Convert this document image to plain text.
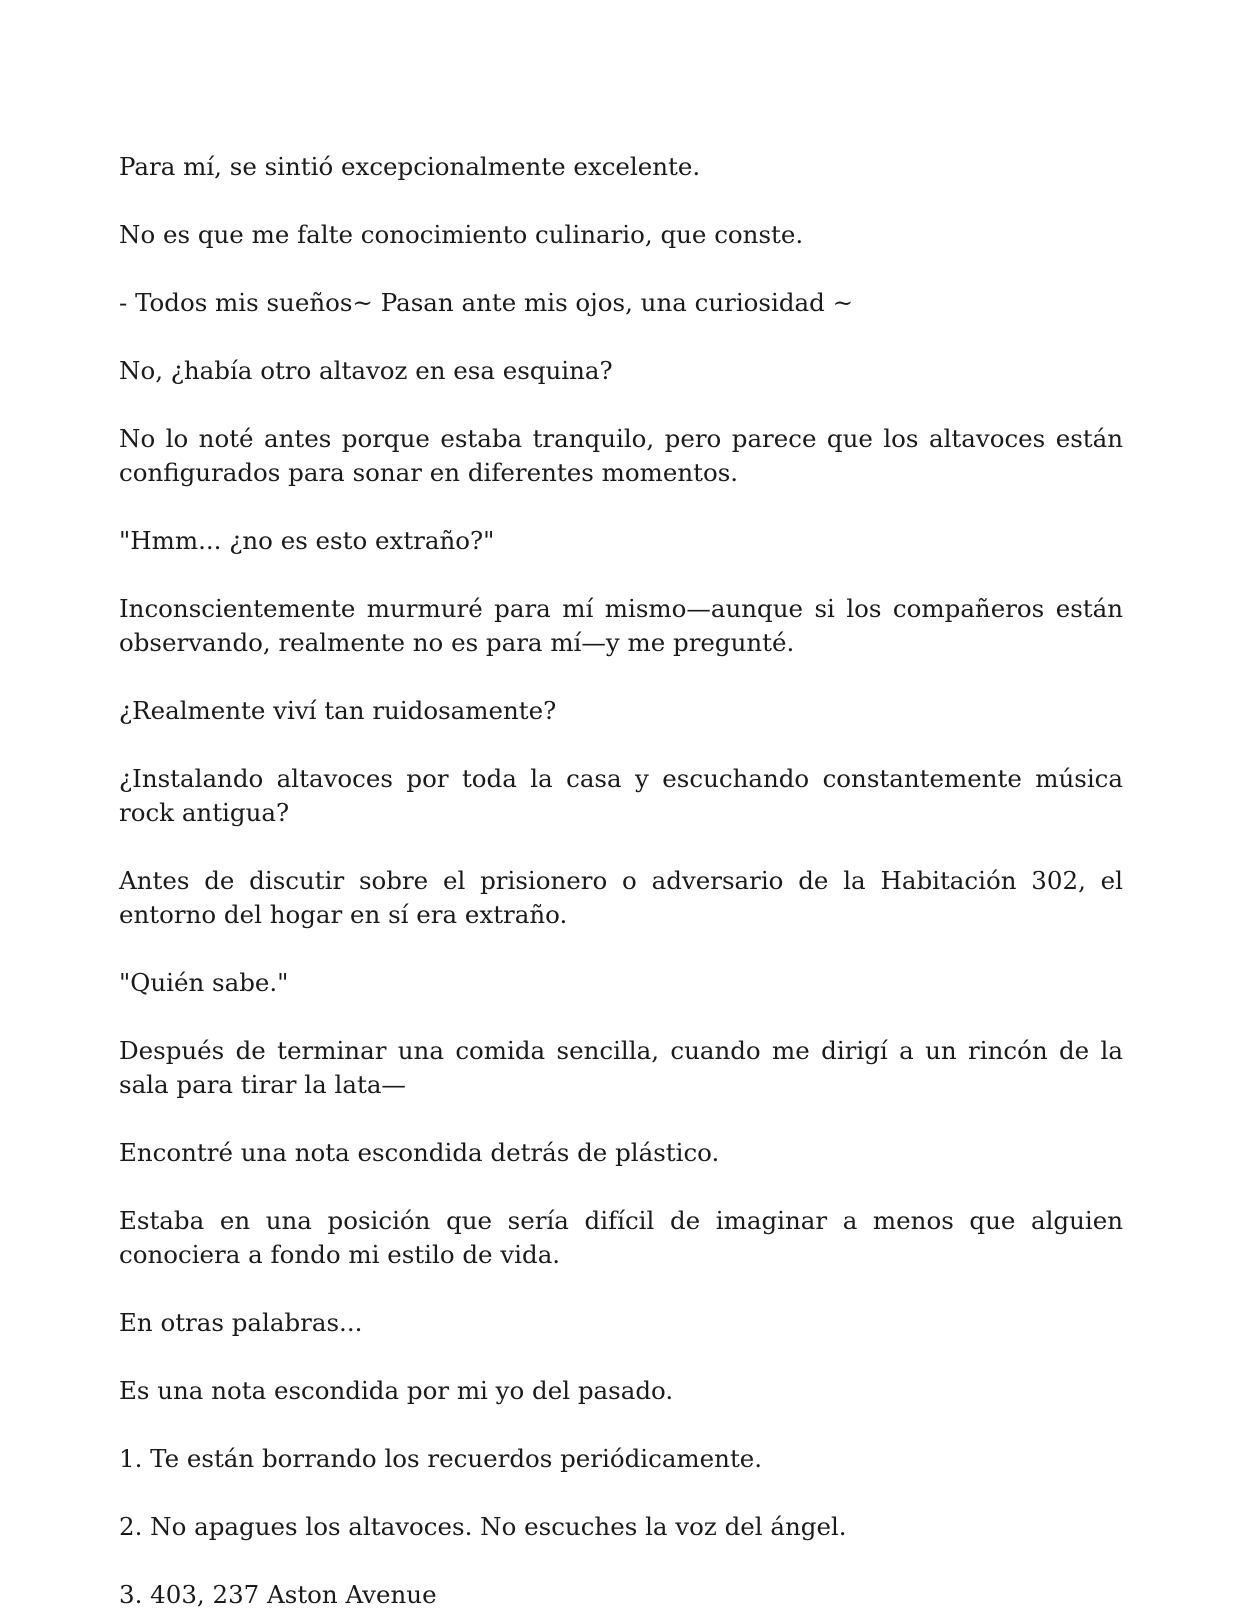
Para mí, se sintió excepcionalmente excelente.

No es que me falte conocimiento culinario, que conste.

- Todos mis sueños~ Pasan ante mis ojos, una curiosidad ~

No, ¿había otro altavoz en esa esquina?

No lo noté antes porque estaba tranquilo, pero parece que los altavoces están configurados para sonar en diferentes momentos.

"Hmm... ¿no es esto extraño?"

Inconscientemente murmuré para mí mismo—aunque si los compañeros están observando, realmente no es para mí—y me pregunté.

¿Realmente viví tan ruidosamente?

¿Instalando altavoces por toda la casa y escuchando constantemente música rock antigua?

Antes de discutir sobre el prisionero o adversario de la Habitación 302, el entorno del hogar en sí era extraño.

"Quién sabe."

Después de terminar una comida sencilla, cuando me dirigí a un rincón de la sala para tirar la lata—

Encontré una nota escondida detrás de plástico.

Estaba en una posición que sería difícil de imaginar a menos que alguien conociera a fondo mi estilo de vida.

En otras palabras...

Es una nota escondida por mi yo del pasado.

1. Te están borrando los recuerdos periódicamente.

2. No apagues los altavoces. No escuches la voz del ángel.

3. 403, 237 Aston Avenue
